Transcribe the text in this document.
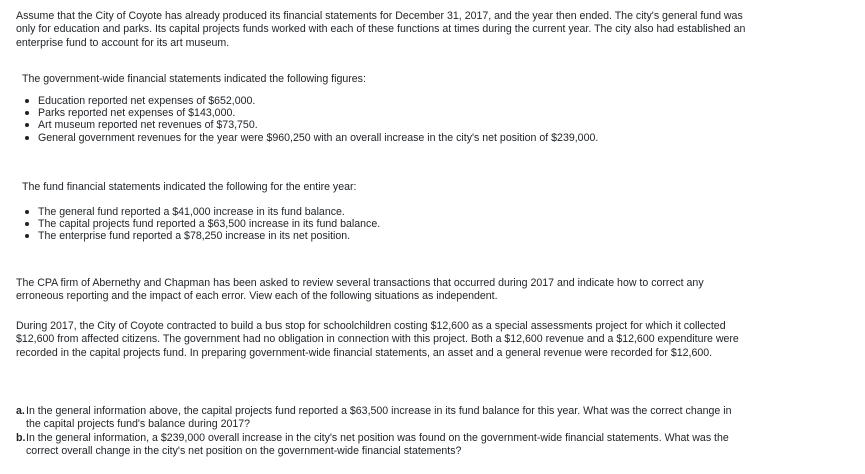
Assume that the City of Coyote has already produced its financial statements for December 31, 2017, and the year then ended. The city's general fund was only for education and parks. Its capital projects funds worked with each of these functions at times during the current year. The city also had established an enterprise fund to account for its art museum.

The government-wide financial statements indicated the following figures:

Education reported net expenses of $652,000.
Parks reported net expenses of $143,000.
Art museum reported net revenues of $73,750.
General government revenues for the year were $960,250 with an overall increase in the city's net position of $239,000.

The fund financial statements indicated the following for the entire year:

The general fund reported a $41,000 increase in its fund balance.
The capital projects fund reported a $63,500 increase in its fund balance.
The enterprise fund reported a $78,250 increase in its net position.

The CPA firm of Abernethy and Chapman has been asked to review several transactions that occurred during 2017 and indicate how to correct any erroneous reporting and the impact of each error. View each of the following situations as independent.

During 2017, the City of Coyote contracted to build a bus stop for schoolchildren costing $12,600 as a special assessments project for which it collected $12,600 from affected citizens. The government had no obligation in connection with this project. Both a $12,600 revenue and a $12,600 expenditure were recorded in the capital projects fund. In preparing government-wide financial statements, an asset and a general revenue were recorded for $12,600.

a. In the general information above, the capital projects fund reported a $63,500 increase in its fund balance for this year. What was the correct change in the capital projects fund's balance during 2017?

b. In the general information, a $239,000 overall increase in the city's net position was found on the government-wide financial statements. What was the correct overall change in the city's net position on the government-wide financial statements?
